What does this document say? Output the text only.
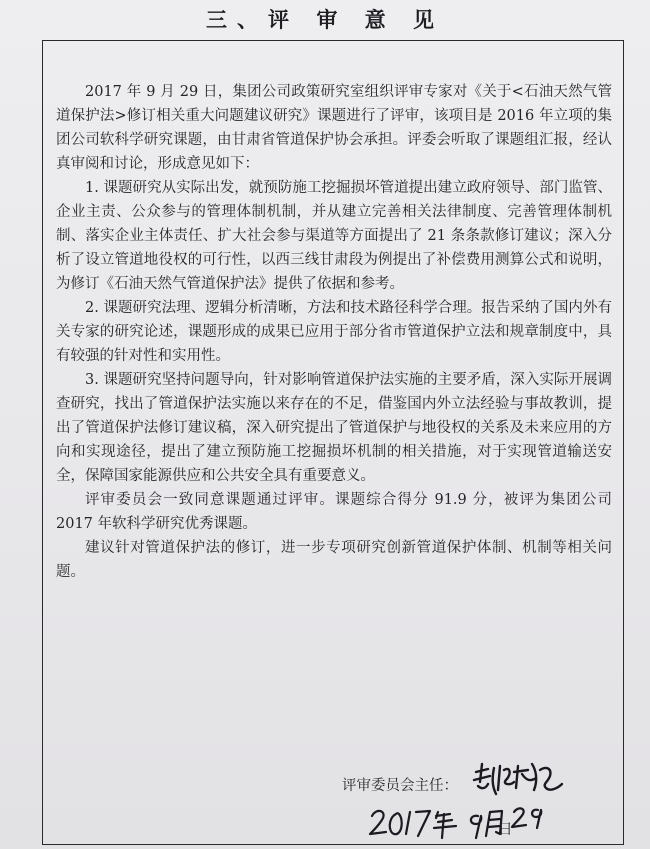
三、评 审 意 见

2017 年 9 月 29 日，集团公司政策研究室组织评审专家对《关于<石油天然气管道保护法>修订相关重大问题建议研究》课题进行了评审，该项目是 2016 年立项的集团公司软科学研究课题，由甘肃省管道保护协会承担。评委会听取了课题组汇报，经认真审阅和讨论，形成意见如下：

1. 课题研究从实际出发，就预防施工挖掘损坏管道提出建立政府领导、部门监管、企业主责、公众参与的管理体制机制，并从建立完善相关法律制度、完善管理体制机制、落实企业主体责任、扩大社会参与渠道等方面提出了 21 条条款修订建议；深入分析了设立管道地役权的可行性，以西三线甘肃段为例提出了补偿费用测算公式和说明，为修订《石油天然气管道保护法》提供了依据和参考。

2. 课题研究法理、逻辑分析清晰，方法和技术路径科学合理。报告采纳了国内外有关专家的研究论述，课题形成的成果已应用于部分省市管道保护立法和规章制度中，具有较强的针对性和实用性。

3. 课题研究坚持问题导向，针对影响管道保护法实施的主要矛盾，深入实际开展调查研究，找出了管道保护法实施以来存在的不足，借鉴国内外立法经验与事故教训，提出了管道保护法修订建议稿，深入研究提出了管道保护与地役权的关系及未来应用的方向和实现途径，提出了建立预防施工挖掘损坏机制的相关措施，对于实现管道输送安全，保障国家能源供应和公共安全具有重要意义。

评审委员会一致同意课题通过评审。课题综合得分 91.9 分，被评为集团公司 2017 年软科学研究优秀课题。

建议针对管道保护法的修订，进一步专项研究创新管道保护体制、机制等相关问题。

评审委员会主任：
日
